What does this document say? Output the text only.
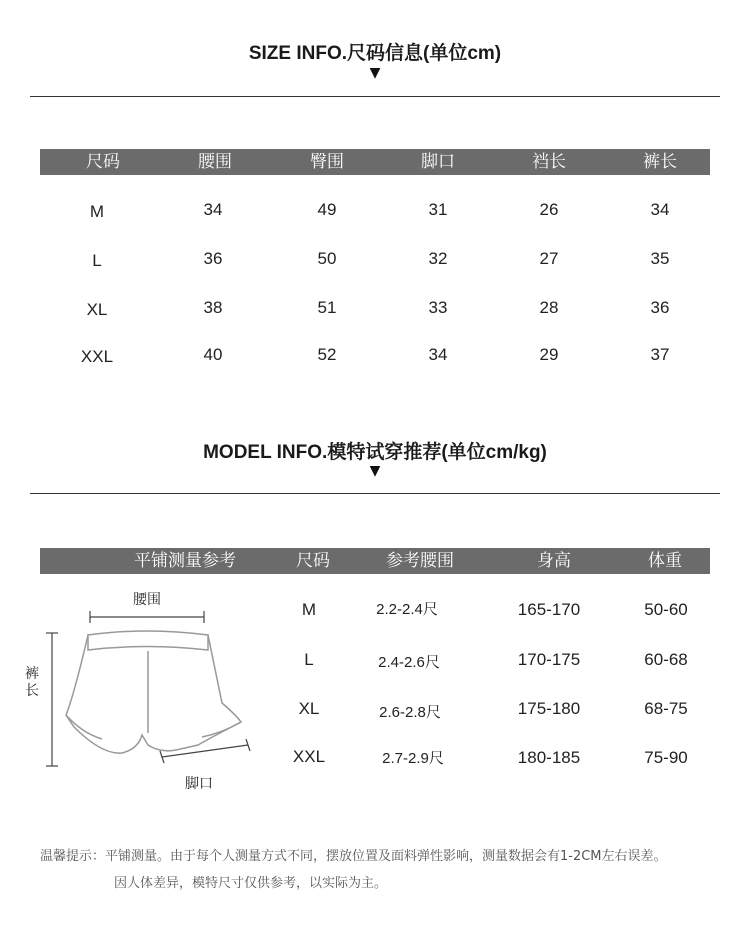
SIZE INFO.尺码信息(单位cm)
▼
尺码	腰围	臀围	脚口	裆长	裤长
M	34	49	31	26	34
L	36	50	32	27	35
XL	38	51	33	28	36
XXL	40	52	34	29	37
MODEL INFO.模特试穿推荐(单位cm/kg)
▼
平铺测量参考	尺码	参考腰围	身高	体重
M	2.2-2.4尺	165-170	50-60
L	2.4-2.6尺	170-175	60-68
XL	2.6-2.8尺	175-180	68-75
XXL	2.7-2.9尺	180-185	75-90
腰围
裤长
脚口
温馨提示：平铺测量。由于每个人测量方式不同，摆放位置及面料弹性影响，测量数据会有1-2CM左右误差。
因人体差异，模特尺寸仅供参考，以实际为主。
